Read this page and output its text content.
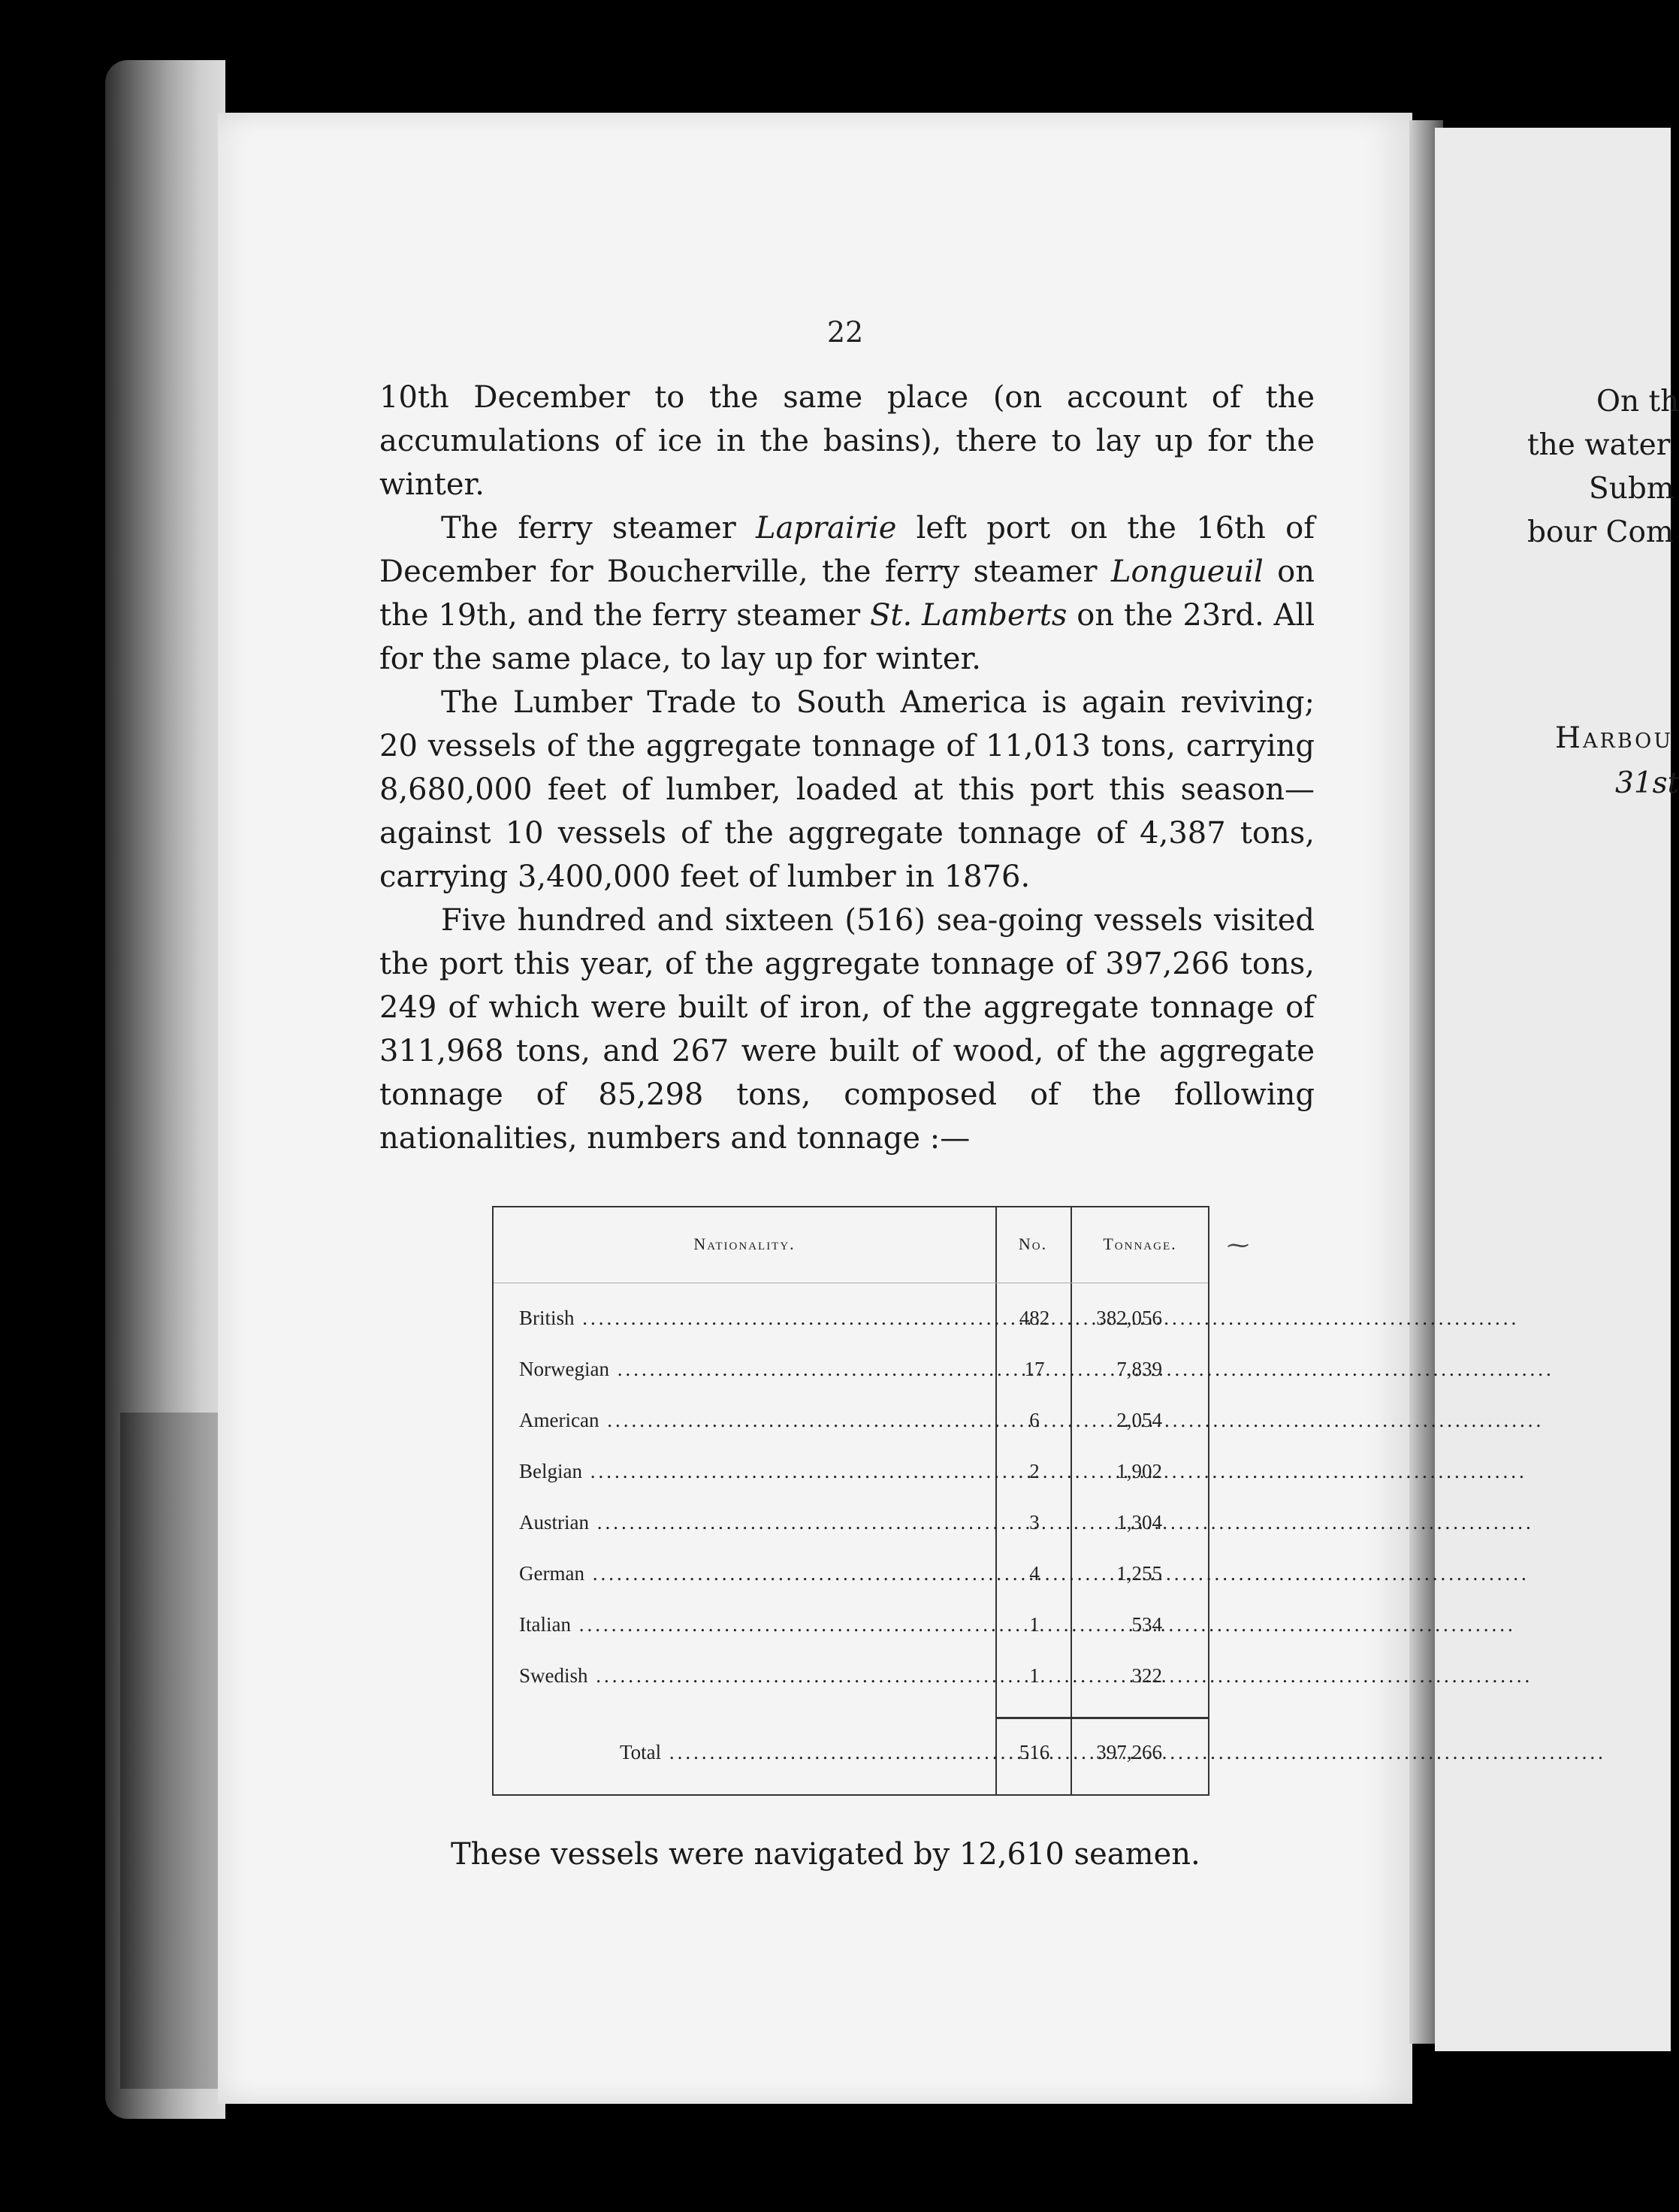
On th
the water
Subm
bour Com
Harbou
31st
22

10th December to the same place (on account of the accumulations of ice in the basins), there to lay up for the winter.

The ferry steamer Laprairie left port on the 16th of December for Boucherville, the ferry steamer Longueuil on the 19th, and the ferry steamer St. Lamberts on the 23rd. All for the same place, to lay up for winter.

The Lumber Trade to South America is again reviving; 20 vessels of the aggregate tonnage of 11,013 tons, carrying 8,680,000 feet of lumber, loaded at this port this season—against 10 vessels of the aggregate tonnage of 4,387 tons, carrying 3,400,000 feet of lumber in 1876.

Five hundred and sixteen (516) sea-going vessels visited the port this year, of the aggregate tonnage of 397,266 tons, 249 of which were built of iron, of the aggregate tonnage of 311,968 tons, and 267 were built of wood, of the aggregate tonnage of 85,298 tons, composed of the following nationalities, numbers and tonnage :—

Nationality.	No.	Tonnage.
British .....	482	382,056
Norwegian .....	17	7,839
American .....	6	2,054
Belgian .....	2	1,902
Austrian .....	3	1,304
German .....	4	1,255
Italian .....	1	534
Swedish .....	1	322
Total .....	516	397,266
⁓
These vessels were navigated by 12,610 seamen.
